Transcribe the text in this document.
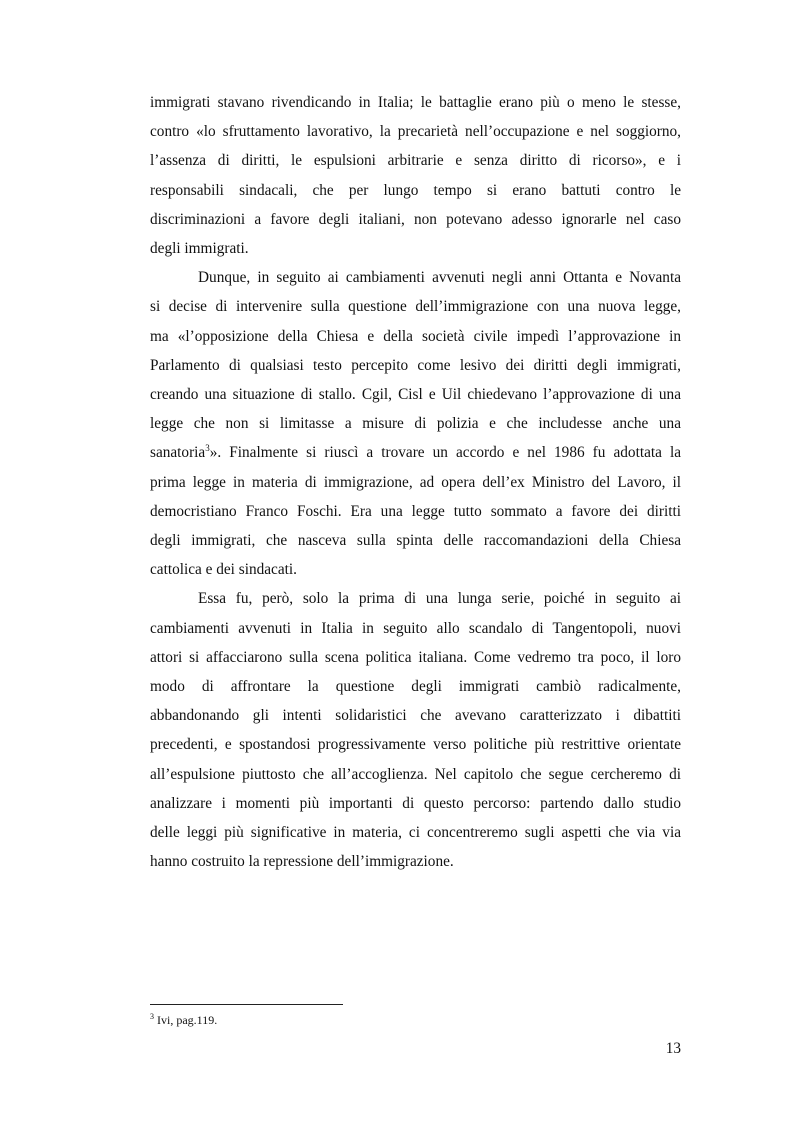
immigrati stavano rivendicando in Italia; le battaglie erano più o meno le stesse,
contro «lo sfruttamento lavorativo, la precarietà nell’occupazione e nel soggiorno,
l’assenza di diritti, le espulsioni arbitrarie e senza diritto di ricorso», e i
responsabili sindacali, che per lungo tempo si erano battuti contro le
discriminazioni a favore degli italiani, non potevano adesso ignorarle nel caso
degli immigrati.

Dunque, in seguito ai cambiamenti avvenuti negli anni Ottanta e Novanta
si decise di intervenire sulla questione dell’immigrazione con una nuova legge,
ma «l’opposizione della Chiesa e della società civile impedì l’approvazione in
Parlamento di qualsiasi testo percepito come lesivo dei diritti degli immigrati,
creando una situazione di stallo. Cgil, Cisl e Uil chiedevano l’approvazione di una
legge che non si limitasse a misure di polizia e che includesse anche una
sanatoria$^3$». Finalmente si riuscì a trovare un accordo e nel 1986 fu adottata la
prima legge in materia di immigrazione, ad opera dell’ex Ministro del Lavoro, il
democristiano Franco Foschi. Era una legge tutto sommato a favore dei diritti
degli immigrati, che nasceva sulla spinta delle raccomandazioni della Chiesa
cattolica e dei sindacati.

Essa fu, però, solo la prima di una lunga serie, poiché in seguito ai
cambiamenti avvenuti in Italia in seguito allo scandalo di Tangentopoli, nuovi
attori si affacciarono sulla scena politica italiana. Come vedremo tra poco, il loro
modo di affrontare la questione degli immigrati cambiò radicalmente,
abbandonando gli intenti solidaristici che avevano caratterizzato i dibattiti
precedenti, e spostandosi progressivamente verso politiche più restrittive orientate
all’espulsione piuttosto che all’accoglienza. Nel capitolo che segue cercheremo di
analizzare i momenti più importanti di questo percorso: partendo dallo studio
delle leggi più significative in materia, ci concentreremo sugli aspetti che via via
hanno costruito la repressione dell’immigrazione.

$^3$ Ivi, pag.119.
13
